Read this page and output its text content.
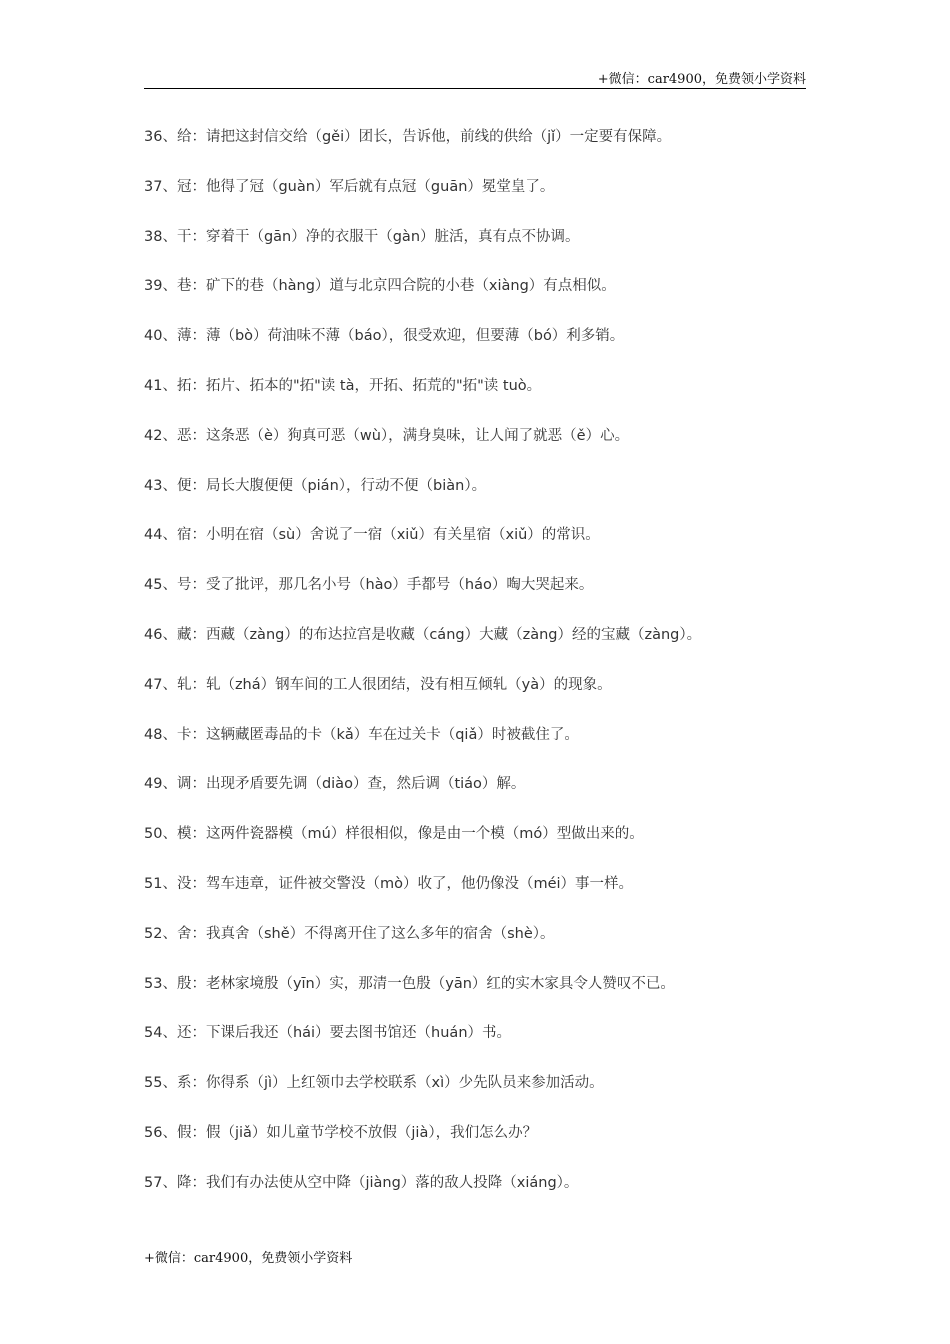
+微信：car4900，免费领小学资料
36、给：请把这封信交给（gěi）团长，告诉他，前线的供给（jǐ）一定要有保障。
37、冠：他得了冠（guàn）军后就有点冠（guān）冕堂皇了。
38、干：穿着干（gān）净的衣服干（gàn）脏活，真有点不协调。
39、巷：矿下的巷（hàng）道与北京四合院的小巷（xiàng）有点相似。
40、薄：薄（bò）荷油味不薄（báo），很受欢迎，但要薄（bó）利多销。
41、拓：拓片、拓本的"拓"读 tà，开拓、拓荒的"拓"读 tuò。
42、恶：这条恶（è）狗真可恶（wù），满身臭味，让人闻了就恶（ě）心。
43、便：局长大腹便便（pián），行动不便（biàn）。
44、宿：小明在宿（sù）舍说了一宿（xiǔ）有关星宿（xiǔ）的常识。
45、号：受了批评，那几名小号（hào）手都号（háo）啕大哭起来。
46、藏：西藏（zàng）的布达拉宫是收藏（cáng）大藏（zàng）经的宝藏（zàng）。
47、轧：轧（zhá）钢车间的工人很团结，没有相互倾轧（yà）的现象。
48、卡：这辆藏匿毒品的卡（kǎ）车在过关卡（qiǎ）时被截住了。
49、调：出现矛盾要先调（diào）查，然后调（tiáo）解。
50、模：这两件瓷器模（mú）样很相似，像是由一个模（mó）型做出来的。
51、没：驾车违章，证件被交警没（mò）收了，他仍像没（méi）事一样。
52、舍：我真舍（shě）不得离开住了这么多年的宿舍（shè）。
53、殷：老林家境殷（yīn）实，那清一色殷（yān）红的实木家具令人赞叹不已。
54、还：下课后我还（hái）要去图书馆还（huán）书。
55、系：你得系（jì）上红领巾去学校联系（xì）少先队员来参加活动。
56、假：假（jiǎ）如儿童节学校不放假（jià），我们怎么办？
57、降：我们有办法使从空中降（jiàng）落的敌人投降（xiáng）。
+微信：car4900，免费领小学资料
